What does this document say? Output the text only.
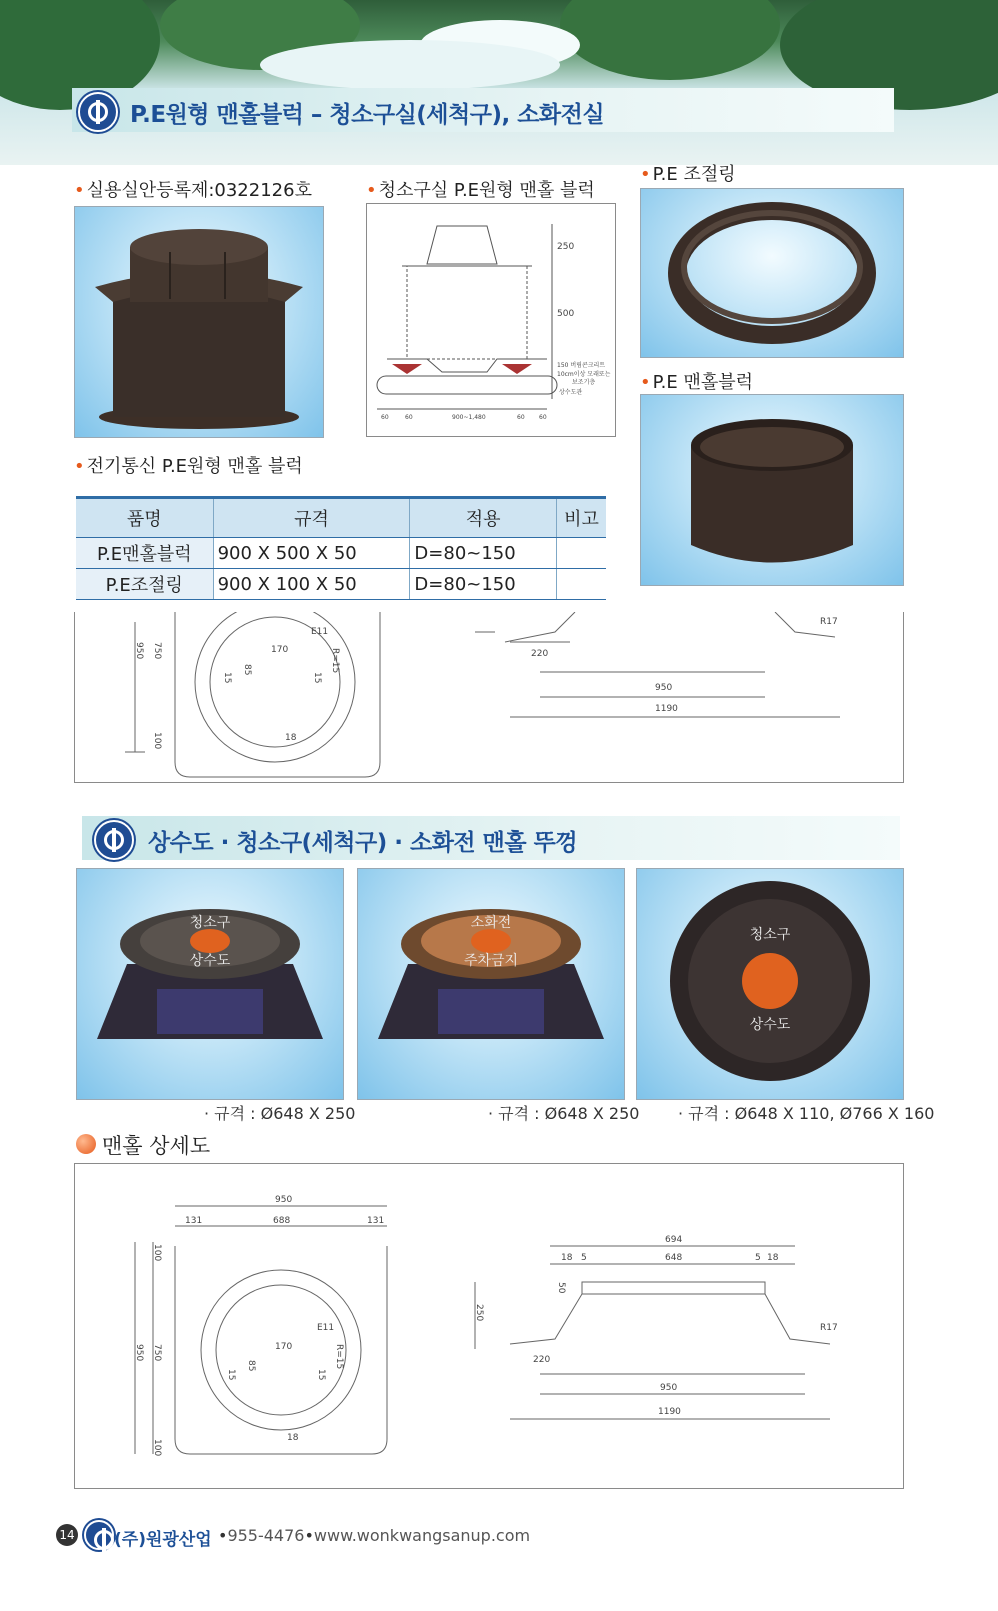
P.E원형 맨홀블럭 – 청소구실(세척구), 소화전실
• 실용실안등록제:0322126호	• 청소구실 P.E원형 맨홀 블럭
• P.E 조절링
• P.E 맨홀블럭
• 전기통신 P.E원형 맨홀 블럭
250
500
150 버림콘크리트
10cm이상 모래또는
보조기층
상수도관
60	60	900~1,480	60 60
품명	규격	적용	비고
P.E맨홀블럭	900 X 500 X 50	D=80~150	
P.E조절링	900 X 100 X 50	D=80~150	
950 750
100
170
85
15	15
18
E11
R=15	220
950
1190
R17
상수도 · 청소구(세척구) · 소화전 맨홀 뚜껑
청소구
상수도
소화전
주차금지
청소구
상수도
· 규격 : Ø648 X 250	· 규격 : Ø648 X 250 · 규격 : Ø648 X 110, Ø766 X 160
맨홀 상세도
950
131	688	131
100
950 750
100
170
85
15	15
18
E11
R=15
694
648
18 5	5 18
250
50
220
R17
950
1190
14 (주)원광산업 •955-4476•www.wonkwangsanup.com
